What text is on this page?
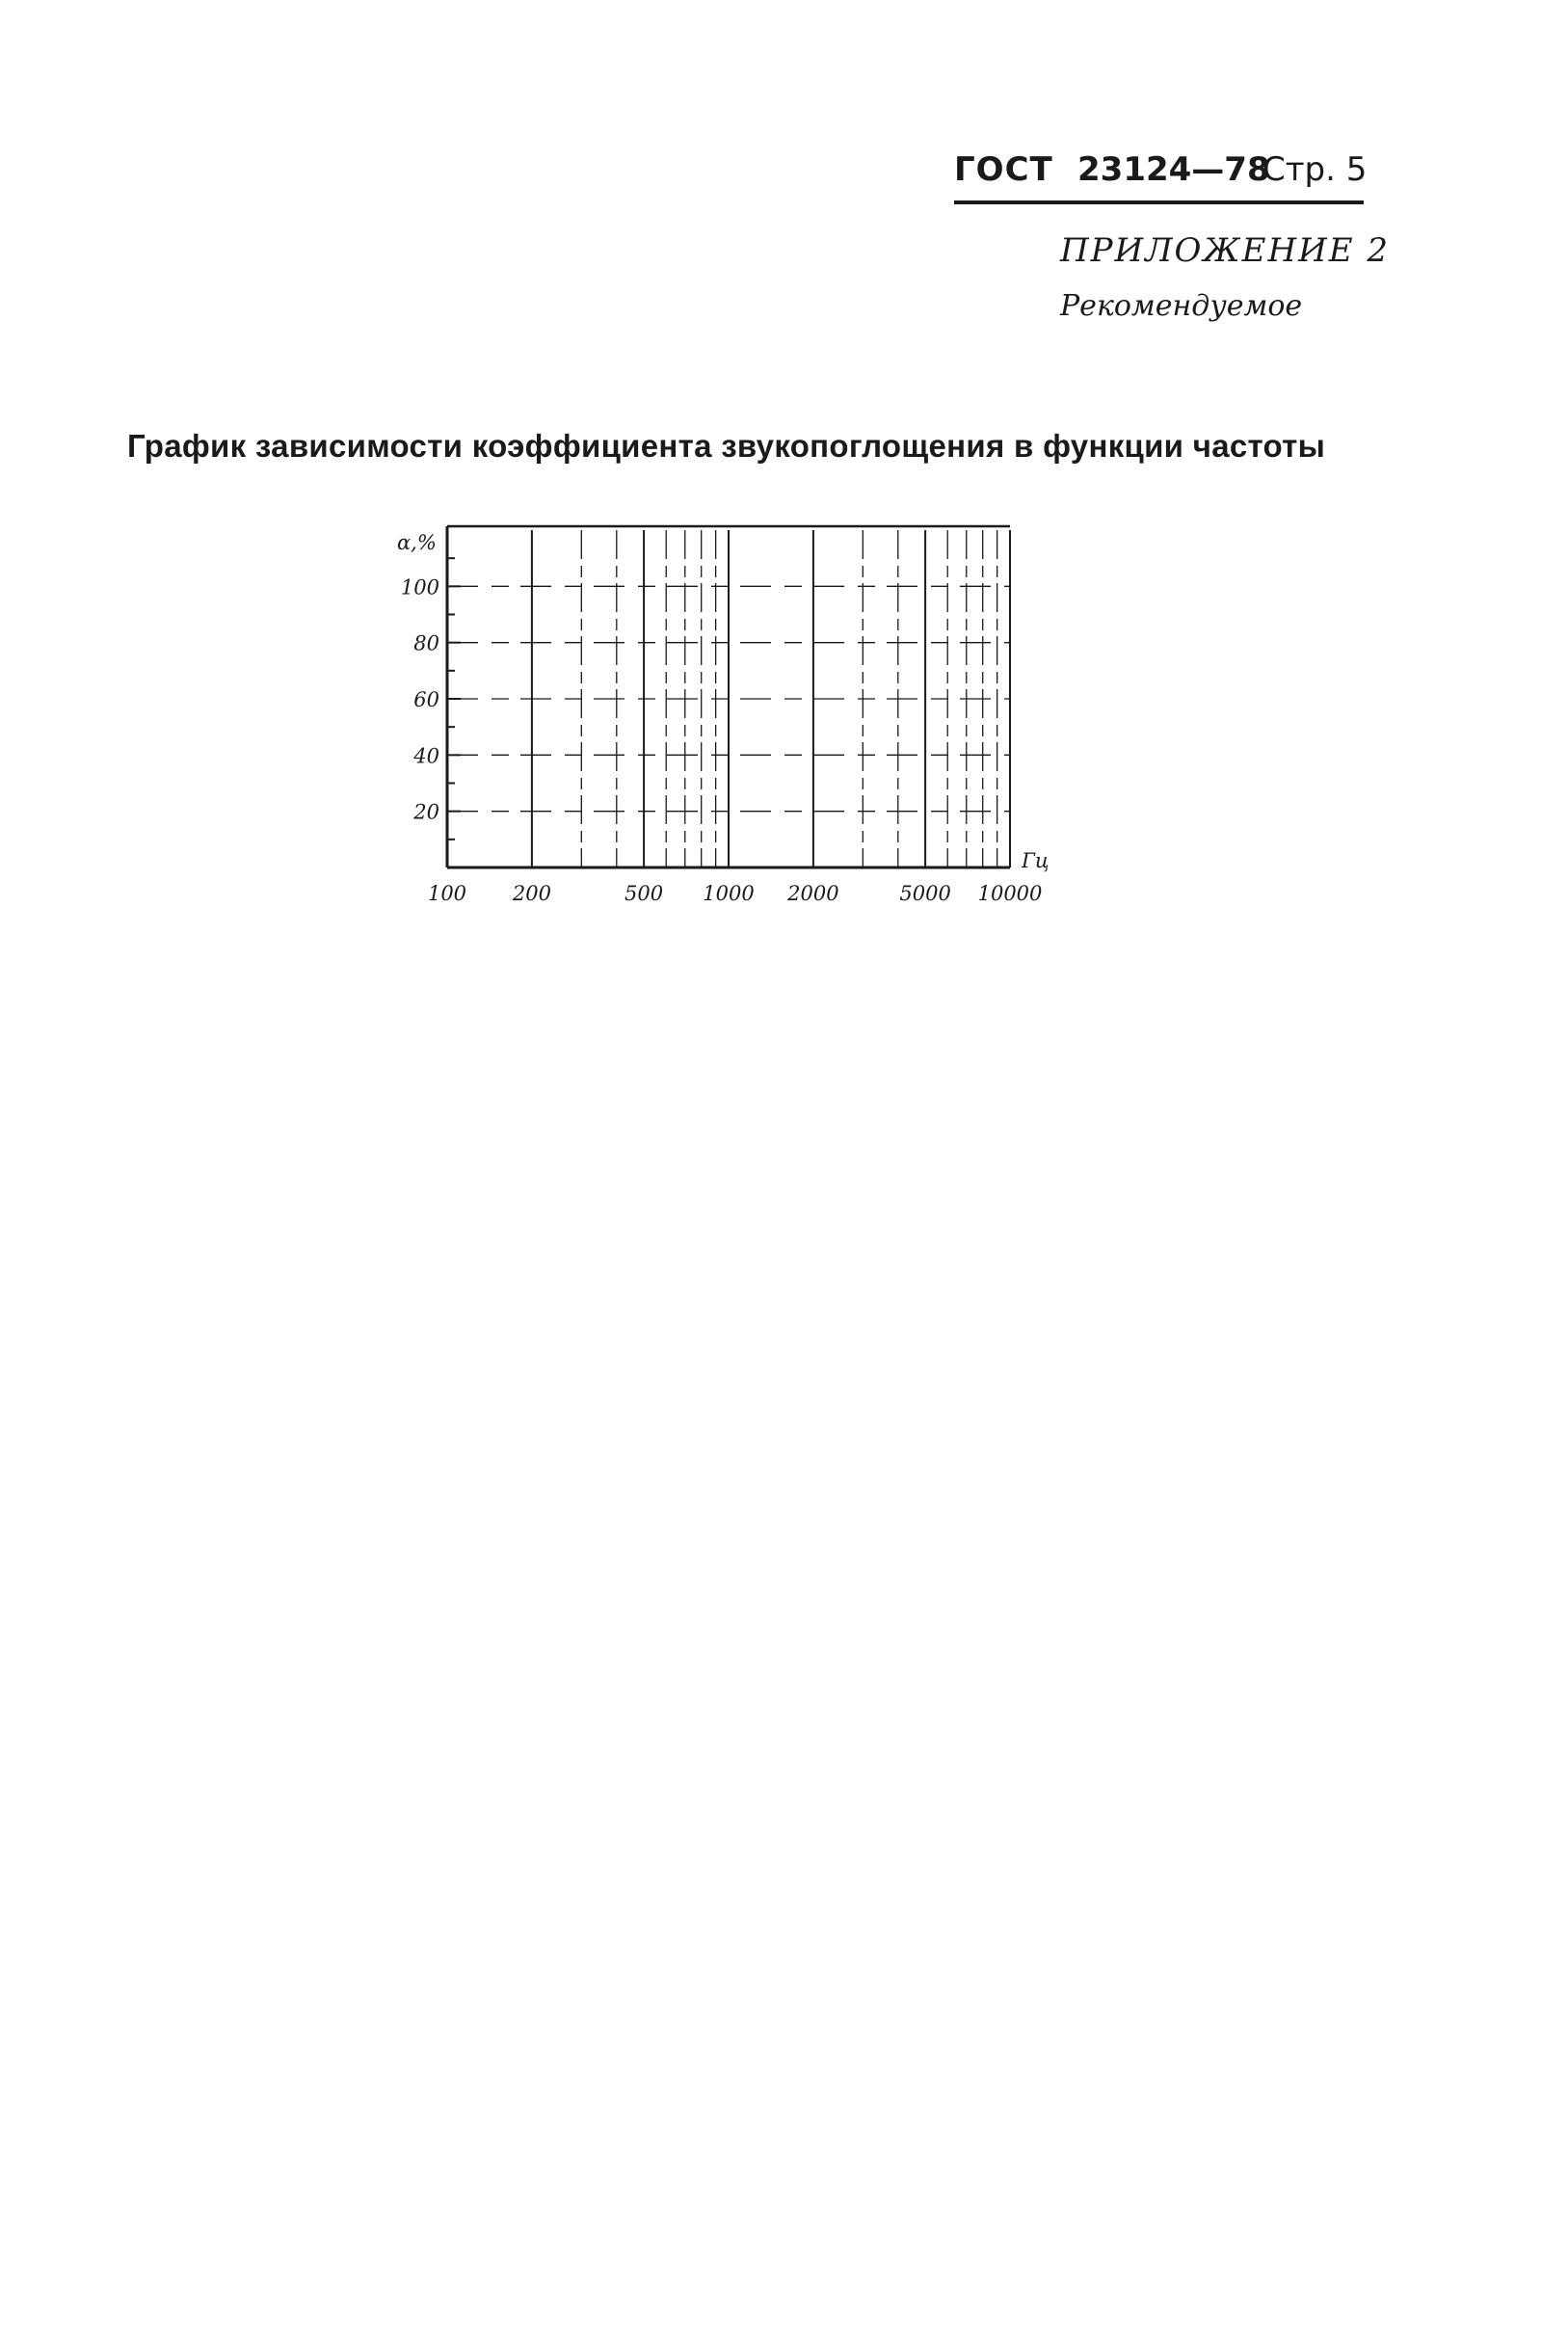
ГОСТ 23124—78
Стр. 5
ПРИЛОЖЕНИЕ 2
Рекомендуемое
График зависимости коэффициента звукопоглощения в функции частоты
20
40
60
80
100
100 200	500 1000 2000	5000 10000
α,%
Гц
